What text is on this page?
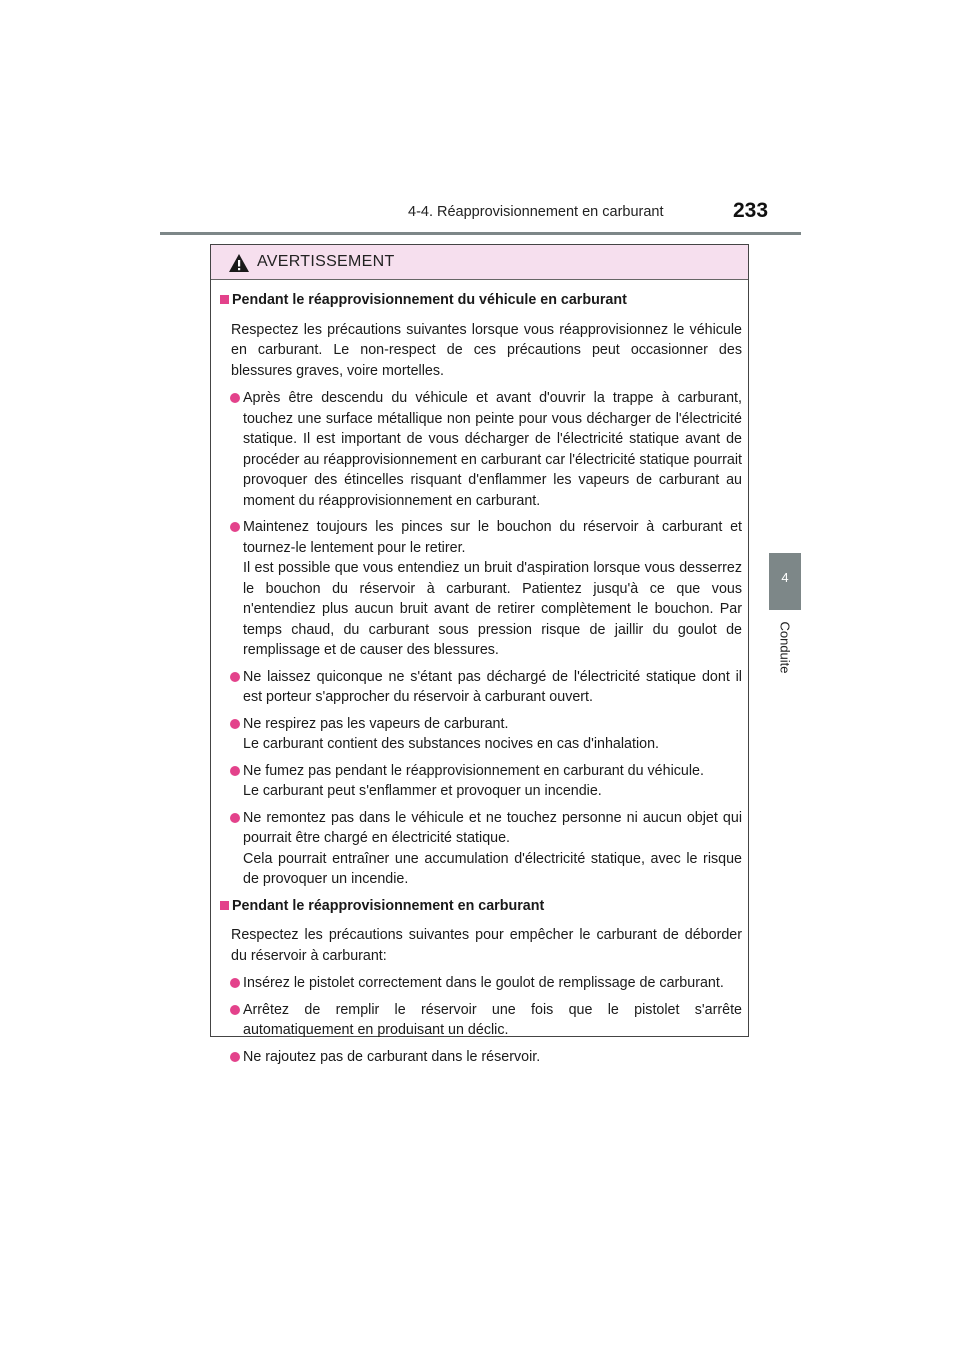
4-4. Réapprovisionnement en carburant	233
4
Conduite
AVERTISSEMENT
Pendant le réapprovisionnement du véhicule en carburant
Respectez les précautions suivantes lorsque vous réapprovisionnez le véhicule en carburant. Le non-respect de ces précautions peut occasionner des blessures graves, voire mortelles.

Après être descendu du véhicule et avant d'ouvrir la trappe à carburant, touchez une surface métallique non peinte pour vous décharger de l'électricité statique. Il est important de vous décharger de l'électricité statique avant de procéder au réapprovisionnement en carburant car l'électricité statique pourrait provoquer des étincelles risquant d'enflammer les vapeurs de carburant au moment du réapprovisionnement en carburant.

Maintenez toujours les pinces sur le bouchon du réservoir à carburant et tournez-le lentement pour le retirer.

Il est possible que vous entendiez un bruit d'aspiration lorsque vous desserrez le bouchon du réservoir à carburant. Patientez jusqu'à ce que vous n'entendiez plus aucun bruit avant de retirer complètement le bouchon. Par temps chaud, du carburant sous pression risque de jaillir du goulot de remplissage et de causer des blessures.

Ne laissez quiconque ne s'étant pas déchargé de l'électricité statique dont il est porteur s'approcher du réservoir à carburant ouvert.

Ne respirez pas les vapeurs de carburant.

Le carburant contient des substances nocives en cas d'inhalation.

Ne fumez pas pendant le réapprovisionnement en carburant du véhicule.

Le carburant peut s'enflammer et provoquer un incendie.

Ne remontez pas dans le véhicule et ne touchez personne ni aucun objet qui pourrait être chargé en électricité statique.

Cela pourrait entraîner une accumulation d'électricité statique, avec le risque de provoquer un incendie.

Pendant le réapprovisionnement en carburant
Respectez les précautions suivantes pour empêcher le carburant de déborder du réservoir à carburant:

Insérez le pistolet correctement dans le goulot de remplissage de carburant.

Arrêtez de remplir le réservoir une fois que le pistolet s'arrête automatiquement en produisant un déclic.

Ne rajoutez pas de carburant dans le réservoir.
